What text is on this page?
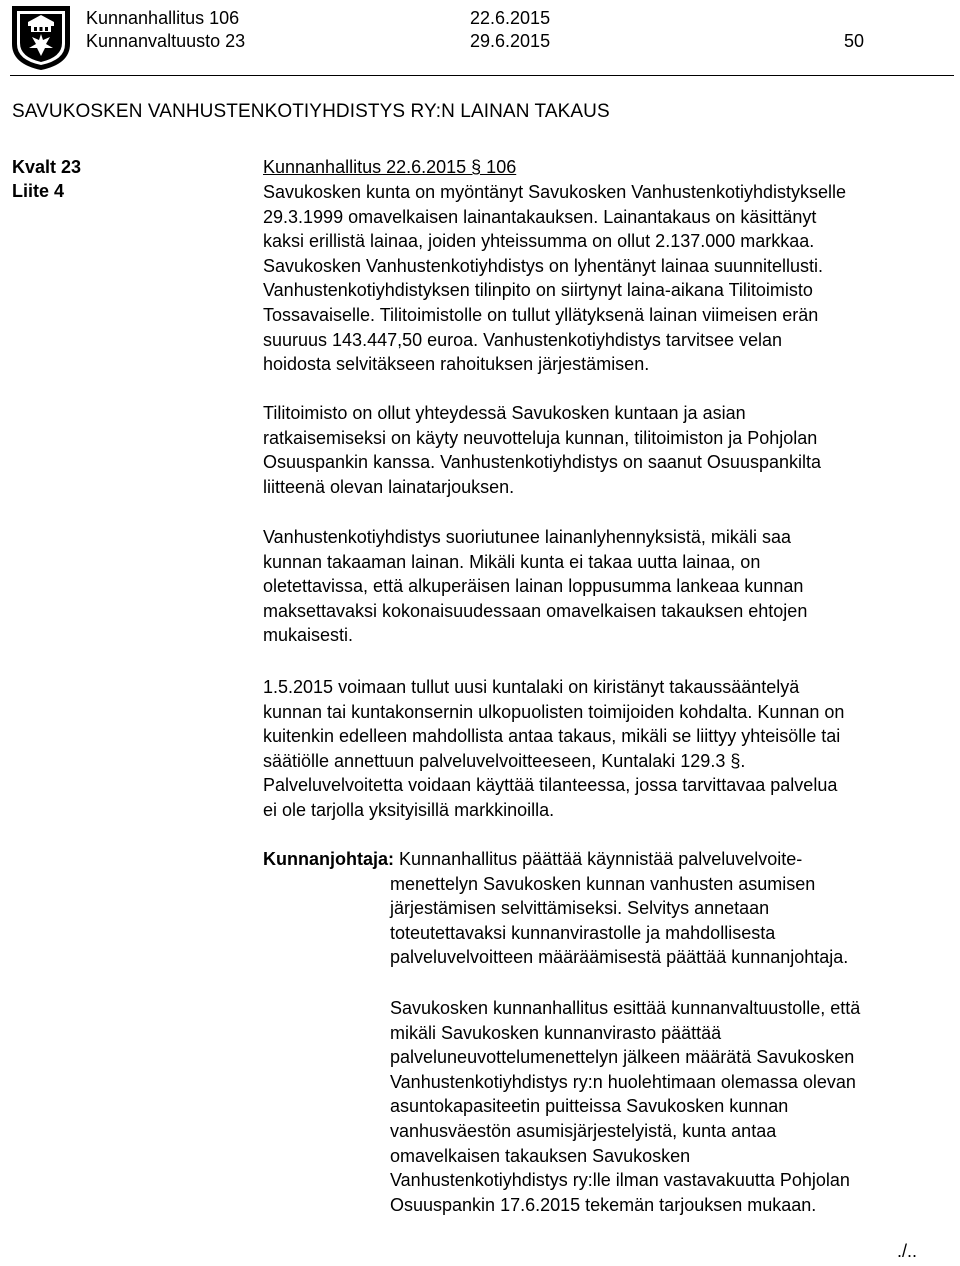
Kunnanhallitus 106	22.6.2015
Kunnanvaltuusto 23	29.6.2015	50
SAVUKOSKEN VANHUSTENKOTIYHDISTYS RY:N LAINAN TAKAUS
Kvalt 23
Liite 4
Kunnanhallitus 22.6.2015 § 106
Savukosken kunta on myöntänyt Savukosken Vanhustenkotiyhdistykselle
29.3.1999 omavelkaisen lainantakauksen. Lainantakaus on käsittänyt
kaksi erillistä lainaa, joiden yhteissumma on ollut 2.137.000 markkaa.
Savukosken Vanhustenkotiyhdistys on lyhentänyt lainaa suunnitellusti.
Vanhustenkotiyhdistyksen tilinpito on siirtynyt laina-aikana Tilitoimisto
Tossavaiselle. Tilitoimistolle on tullut yllätyksenä lainan viimeisen erän
suuruus 143.447,50 euroa. Vanhustenkotiyhdistys tarvitsee velan
hoidosta selvitäkseen rahoituksen järjestämisen.
Tilitoimisto on ollut yhteydessä Savukosken kuntaan ja asian
ratkaisemiseksi on käyty neuvotteluja kunnan, tilitoimiston ja Pohjolan
Osuuspankin kanssa. Vanhustenkotiyhdistys on saanut Osuuspankilta
liitteenä olevan lainatarjouksen.
Vanhustenkotiyhdistys suoriutunee lainanlyhennyksistä, mikäli saa
kunnan takaaman lainan. Mikäli kunta ei takaa uutta lainaa, on
oletettavissa, että alkuperäisen lainan loppusumma lankeaa kunnan
maksettavaksi kokonaisuudessaan omavelkaisen takauksen ehtojen
mukaisesti.
1.5.2015 voimaan tullut uusi kuntalaki on kiristänyt takaussääntelyä
kunnan tai kuntakonsernin ulkopuolisten toimijoiden kohdalta. Kunnan on
kuitenkin edelleen mahdollista antaa takaus, mikäli se liittyy yhteisölle tai
säätiölle annettuun palveluvelvoitteeseen, Kuntalaki 129.3 §.
Palveluvelvoitetta voidaan käyttää tilanteessa, jossa tarvittavaa palvelua
ei ole tarjolla yksityisillä markkinoilla.
Kunnanjohtaja: Kunnanhallitus päättää käynnistää palveluvelvoite-
menettelyn Savukosken kunnan vanhusten asumisen
järjestämisen selvittämiseksi. Selvitys annetaan
toteutettavaksi kunnanvirastolle ja mahdollisesta
palveluvelvoitteen määräämisestä päättää kunnanjohtaja.
Savukosken kunnanhallitus esittää kunnanvaltuustolle, että
mikäli Savukosken kunnanvirasto päättää
palveluneuvottelumenettelyn jälkeen määrätä Savukosken
Vanhustenkotiyhdistys ry:n huolehtimaan olemassa olevan
asuntokapasiteetin puitteissa Savukosken kunnan
vanhusväestön asumisjärjestelyistä, kunta antaa
omavelkaisen takauksen Savukosken
Vanhustenkotiyhdistys ry:lle ilman vastavakuutta Pohjolan
Osuuspankin 17.6.2015 tekemän tarjouksen mukaan.
./..
